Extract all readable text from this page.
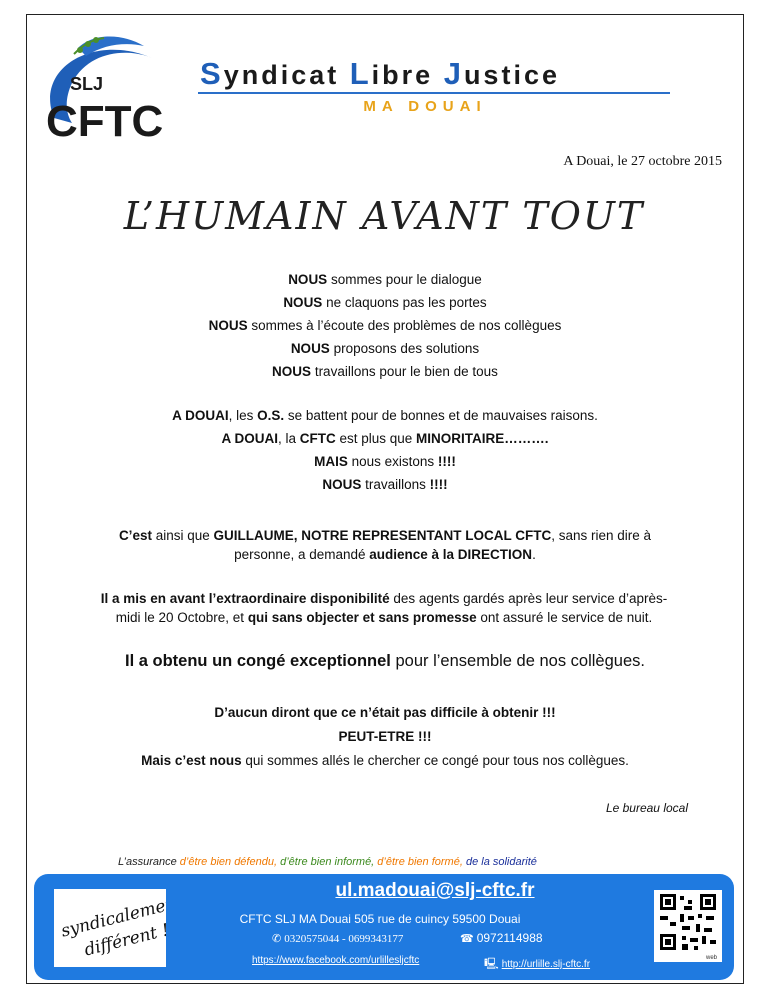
SLJ
CFTC
Syndicat Libre Justice
MA DOUAI
A Douai, le 27 octobre 2015
L’HUMAIN AVANT TOUT
NOUS sommes pour le dialogue
NOUS ne claquons pas les portes
NOUS sommes à l’écoute des problèmes de nos collègues
NOUS proposons des solutions
NOUS travaillons pour le bien de tous
A DOUAI, les O.S. se battent pour de bonnes et de mauvaises raisons.
A DOUAI, la CFTC est plus que MINORITAIRE……….
MAIS nous existons !!!!
NOUS travaillons !!!!
C’est ainsi que GUILLAUME, NOTRE REPRESENTANT LOCAL CFTC, sans rien dire à
personne, a demandé audience à la DIRECTION.
Il a mis en avant l’extraordinaire disponibilité des agents gardés après leur service d’après-
midi le 20 Octobre, et qui sans objecter et sans promesse ont assuré le service de nuit.
Il a obtenu un congé exceptionnel pour l’ensemble de nos collègues.
D’aucun diront que ce n’était pas difficile à obtenir !!!
PEUT-ETRE !!!
Mais c’est nous qui sommes allés le chercher ce congé pour tous nos collègues.
Le bureau local
L’assurance d’être bien défendu, d’être bien informé, d’être bien formé, de la solidarité
syndicalement
différent !
ul.madouai@slj-cftc.fr
CFTC SLJ MA Douai 505 rue de cuincy 59500 Douai
✆ 0320575044 - 0699343177	☎ 0972114988
https://www.facebook.com/urlilleslj​cftc	🖳 http://urlille.slj-cftc.fr
web
